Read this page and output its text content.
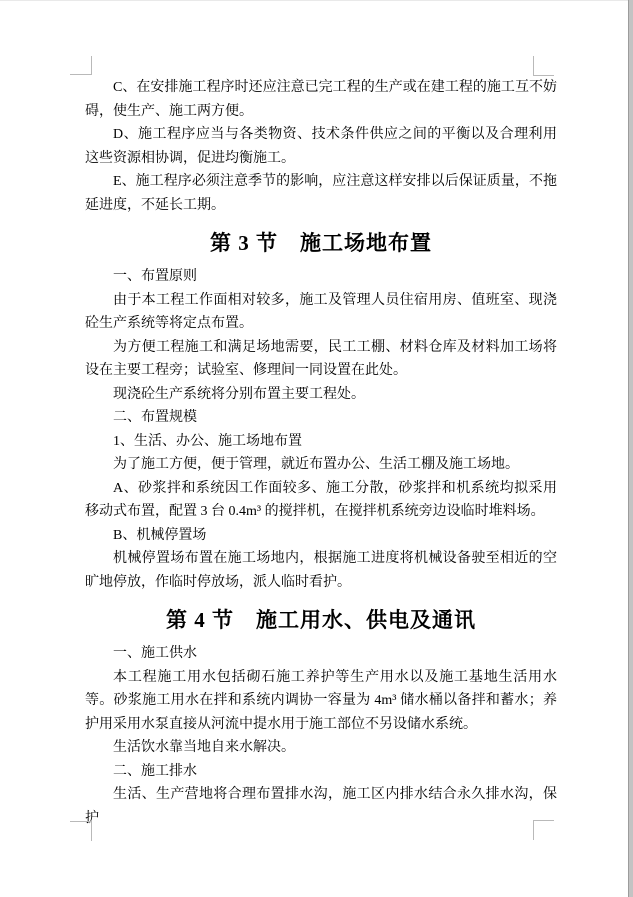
C、在安排施工程序时还应注意已完工程的生产或在建工程的施工互不妨碍，使生产、施工两方便。

D、施工程序应当与各类物资、技术条件供应之间的平衡以及合理利用这些资源相协调，促进均衡施工。

E、施工程序必须注意季节的影响，应注意这样安排以后保证质量，不拖延进度，不延长工期。

第 3 节　施工场地布置

一、布置原则

由于本工程工作面相对较多，施工及管理人员住宿用房、值班室、现浇砼生产系统等将定点布置。

为方便工程施工和满足场地需要，民工工棚、材料仓库及材料加工场将设在主要工程旁；试验室、修理间一同设置在此处。

现浇砼生产系统将分别布置主要工程处。

二、布置规模

1、生活、办公、施工场地布置

为了施工方便，便于管理，就近布置办公、生活工棚及施工场地。

A、砂浆拌和系统因工作面较多、施工分散，砂浆拌和机系统均拟采用移动式布置，配置 3 台 0.4m³ 的搅拌机，在搅拌机系统旁边设临时堆料场。

B、机械停置场

机械停置场布置在施工场地内，根据施工进度将机械设备驶至相近的空旷地停放，作临时停放场，派人临时看护。

第 4 节　施工用水、供电及通讯

一、施工供水

本工程施工用水包括砌石施工养护等生产用水以及施工基地生活用水等。砂浆施工用水在拌和系统内调协一容量为 4m³ 储水桶以备拌和蓄水；养护用采用水泵直接从河流中提水用于施工部位不另设储水系统。

生活饮水靠当地自来水解决。

二、施工排水

生活、生产营地将合理布置排水沟，施工区内排水结合永久排水沟，保护
